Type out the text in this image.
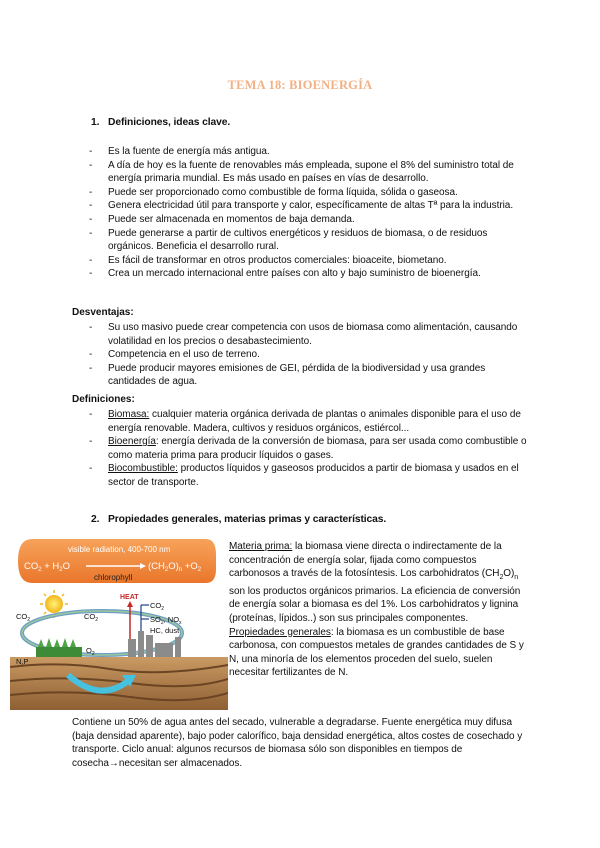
TEMA 18: BIOENERGÍA
1. Definiciones, ideas clave.
- Es la fuente de energía más antigua.
- A día de hoy es la fuente de renovables más empleada, supone el 8% del suministro total de energía primaria mundial. Es más usado en países en vías de desarrollo.
- Puede ser proporcionado como combustible de forma líquida, sólida o gaseosa.
- Genera electricidad útil para transporte y calor, específicamente de altas Tª para la industria.
- Puede ser almacenada en momentos de baja demanda.
- Puede generarse a partir de cultivos energéticos y residuos de biomasa, o de residuos orgánicos. Beneficia el desarrollo rural.
- Es fácil de transformar en otros productos comerciales: bioaceite, biometano.
- Crea un mercado internacional entre países con alto y bajo suministro de bioenergía.
Desventajas:
- Su uso masivo puede crear competencia con usos de biomasa como alimentación, causando volatilidad en los precios o desabastecimiento.
- Competencia en el uso de terreno.
- Puede producir mayores emisiones de GEI, pérdida de la biodiversidad y usa grandes cantidades de agua.
Definiciones:
- Biomasa: cualquier materia orgánica derivada de plantas o animales disponible para el uso de energía renovable. Madera, cultivos y residuos orgánicos, estiércol...
- Bioenergía: energía derivada de la conversión de biomasa, para ser usada como combustible o como materia prima para producir líquidos o gases.
- Biocombustible: productos líquidos y gaseosos producidos a partir de biomasa y usados en el sector de transporte.
2. Propiedades generales, materias primas y características.
visible radiation, 400-700 nm
$CO_2 + H_2O$	$(CH_2O)_n +O_2$
chlorophyll
$CO_2$	$CO_2$
$O_2$
HEAT
$CO_2$
$SO_2$, $NO_x$
HC, dust
N,P
Materia prima: la biomasa viene directa o indirectamente de la concentración de energía solar, fijada como compuestos carbonosos a través de la fotosíntesis. Los carbohidratos $(CH_2O)_n$ son los productos orgánicos primarios. La eficiencia de conversión de energía solar a biomasa es del 1%. Los carbohidratos y lignina (proteínas, lípidos..) son sus principales componentes.
Propiedades generales: la biomasa es un combustible de base carbonosa, con compuestos metales de grandes cantidades de S y N, una minoría de los elementos proceden del suelo, suelen necesitar fertilizantes de N.
Contiene un 50% de agua antes del secado, vulnerable a degradarse. Fuente energética muy difusa (baja densidad aparente), bajo poder calorífico, baja densidad energética, altos costes de cosechado y transporte. Ciclo anual: algunos recursos de biomasa sólo son disponibles en tiempos de cosecha→necesitan ser almacenados.
